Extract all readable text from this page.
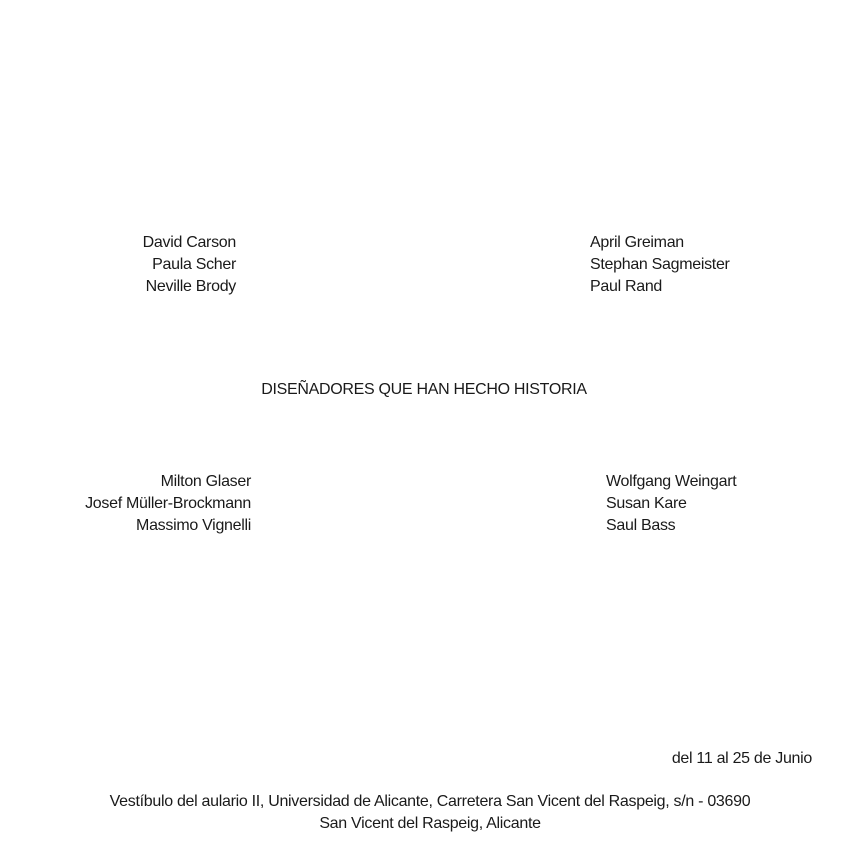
David Carson
Paula Scher
Neville Brody
April Greiman
Stephan Sagmeister
Paul Rand
DISEÑADORES QUE HAN HECHO HISTORIA
Milton Glaser
Josef Müller-Brockmann
Massimo Vignelli
Wolfgang Weingart
Susan Kare
Saul Bass
del 11 al 25 de Junio
Vestíbulo del aulario II, Universidad de Alicante, Carretera San Vicent del Raspeig, s/n - 03690
San Vicent del Raspeig, Alicante
